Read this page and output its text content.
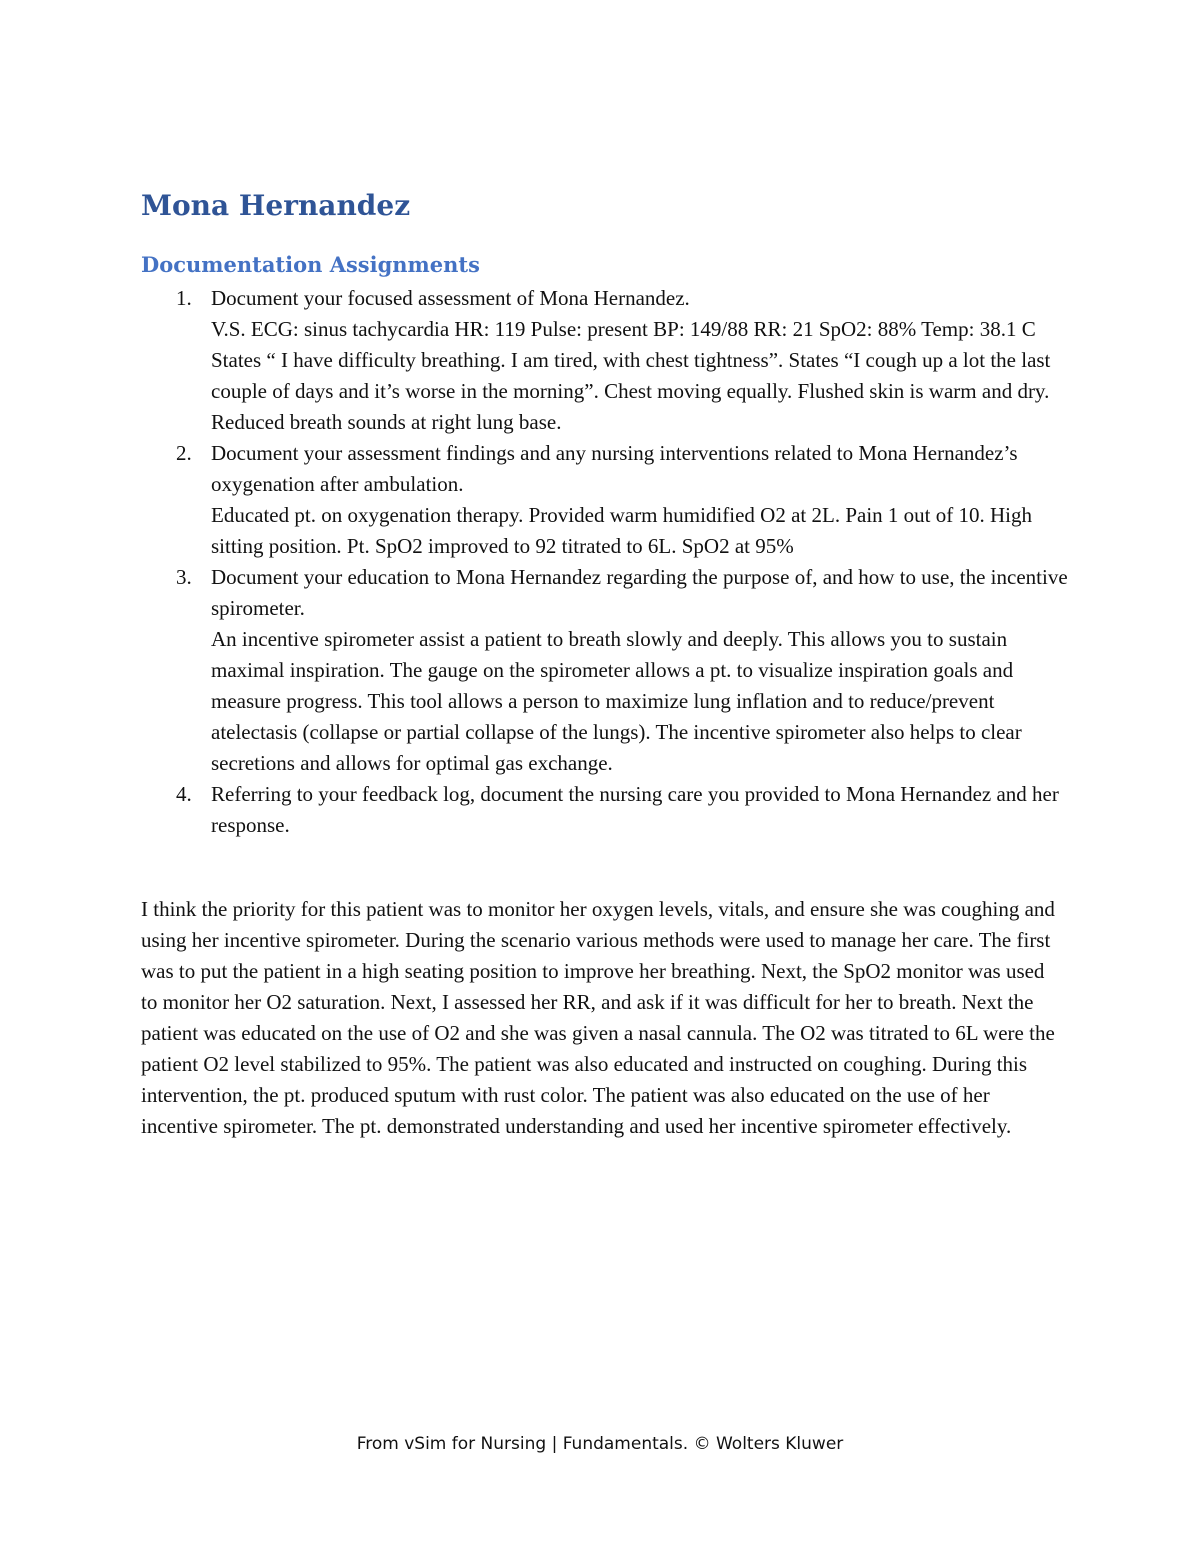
Mona Hernandez
Documentation Assignments
1. Document your focused assessment of Mona Hernandez.
V.S. ECG: sinus tachycardia HR: 119 Pulse: present BP: 149/88 RR: 21 SpO2: 88% Temp: 38.1 C States “ I have difficulty breathing. I am tired, with chest tightness”. States “I cough up a lot the last couple of days and it’s worse in the morning”. Chest moving equally. Flushed skin is warm and dry. Reduced breath sounds at right lung base.
2. Document your assessment findings and any nursing interventions related to Mona Hernandez’s oxygenation after ambulation.
Educated pt. on oxygenation therapy. Provided warm humidified O2 at 2L. Pain 1 out of 10. High sitting position. Pt. SpO2 improved to 92 titrated to 6L. SpO2 at 95%
3. Document your education to Mona Hernandez regarding the purpose of, and how to use, the incentive spirometer.
An incentive spirometer assist a patient to breath slowly and deeply. This allows you to sustain maximal inspiration. The gauge on the spirometer allows a pt. to visualize inspiration goals and measure progress. This tool allows a person to maximize lung inflation and to reduce/prevent atelectasis (collapse or partial collapse of the lungs). The incentive spirometer also helps to clear secretions and allows for optimal gas exchange.
4. Referring to your feedback log, document the nursing care you provided to Mona Hernandez and her response.

I think the priority for this patient was to monitor her oxygen levels, vitals, and ensure she was coughing and using her incentive spirometer. During the scenario various methods were used to manage her care. The first was to put the patient in a high seating position to improve her breathing. Next, the SpO2 monitor was used to monitor her O2 saturation. Next, I assessed her RR, and ask if it was difficult for her to breath. Next the patient was educated on the use of O2 and she was given a nasal cannula. The O2 was titrated to 6L were the patient O2 level stabilized to 95%. The patient was also educated and instructed on coughing. During this intervention, the pt. produced sputum with rust color. The patient was also educated on the use of her incentive spirometer. The pt. demonstrated understanding and used her incentive spirometer effectively.

From vSim for Nursing | Fundamentals. © Wolters Kluwer
